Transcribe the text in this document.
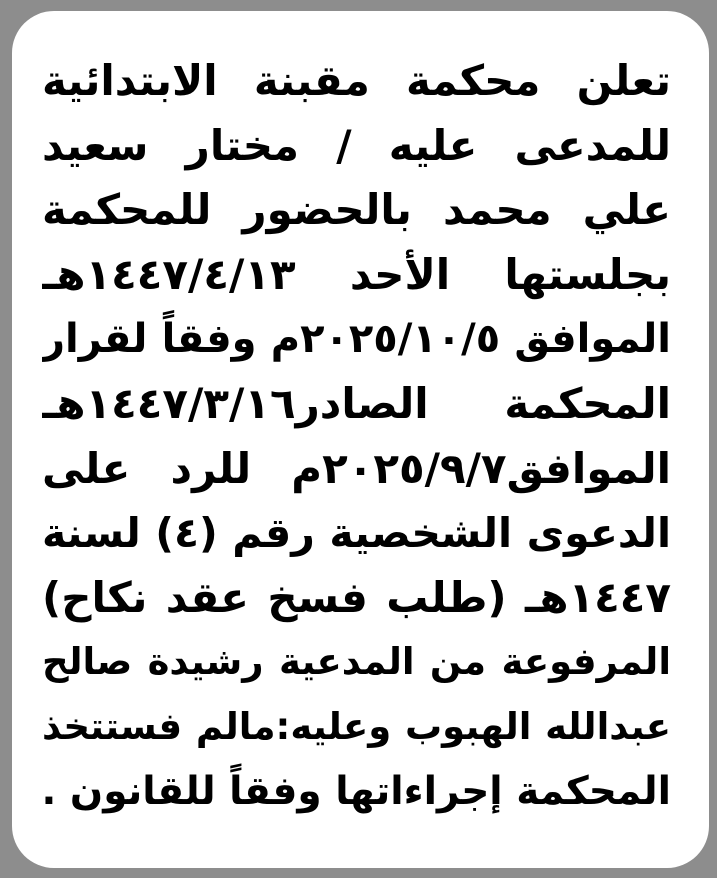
تعلن محكمة مقبنة الابتدائية
للمدعى عليه / مختار سعيد
علي محمد بالحضور للمحكمة
بجلستها الأحد ١٤٤٧/٤/١٣هـ
الموافق ٢٠٢٥/١٠/٥م وفقاً لقرار
المحكمة الصادر١٤٤٧/٣/١٦هـ
الموافق٢٠٢٥/٩/٧م للرد على
الدعوى الشخصية رقم (٤) لسنة
١٤٤٧هـ (طلب فسخ عقد نكاح)
المرفوعة من المدعية رشيدة صالح
عبدالله الهبوب وعليه:مالم فستتخذ
المحكمة إجراءاتها وفقاً للقانون .
